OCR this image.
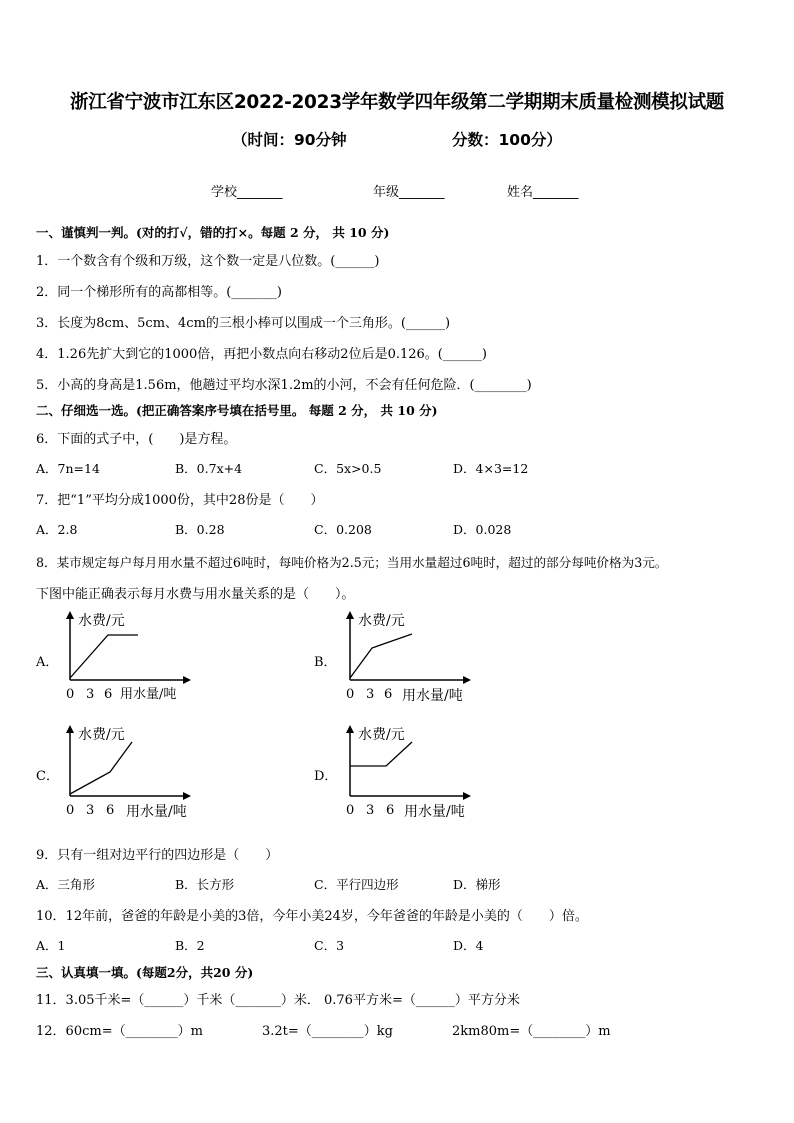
浙江省宁波市江东区2022-2023学年数学四年级第二学期期末质量检测模拟试题
（时间：90分钟	分数：100分）
学校_______	年级_______	姓名_______
一、谨慎判一判。(对的打√，错的打×。每题 2 分， 共 10 分)
1．一个数含有个级和万级，这个数一定是八位数。(______)
2．同一个梯形所有的高都相等。(_______)
3．长度为8cm、5cm、4cm的三根小棒可以围成一个三角形。(______)
4．1.26先扩大到它的1000倍，再把小数点向右移动2位后是0.126。(______)
5．小高的身高是1.56m，他趟过平均水深1.2m的小河，不会有任何危险．(________)
二、仔细选一选。(把正确答案序号填在括号里。 每题 2 分， 共 10 分)
6．下面的式子中，(　　)是方程。
A．7n=14	B．0.7x+4	C．5x>0.5	D．4×3=12
7．把“1”平均分成1000份，其中28份是（　　）
A．2.8	B．0.28	C．0.208	D．0.028
8．某市规定每户每月用水量不超过6吨时，每吨价格为2.5元；当用水量超过6吨时，超过的部分每吨价格为3元。
下图中能正确表示每月水费与用水量关系的是（　　）。
A．
水费/元
0 3 6 用水量/吨
B．
水费/元
0 3 6 用水量/吨
C．
水费/元
0 3 6 用水量/吨
D．
水费/元
0 3 6 用水量/吨
9．只有一组对边平行的四边形是（　　）
A．三角形	B．长方形	C．平行四边形	D．梯形
10．12年前，爸爸的年龄是小美的3倍，今年小美24岁，今年爸爸的年龄是小美的（　　）倍。
A．1	B．2	C．3	D．4
三、认真填一填。(每题2分，共20 分)
11．3.05千米=（______）千米（_______）米． 0.76平方米=（______）平方分米
12．60cm=（________）m	3.2t=（________）kg	2km80m=（________）m
